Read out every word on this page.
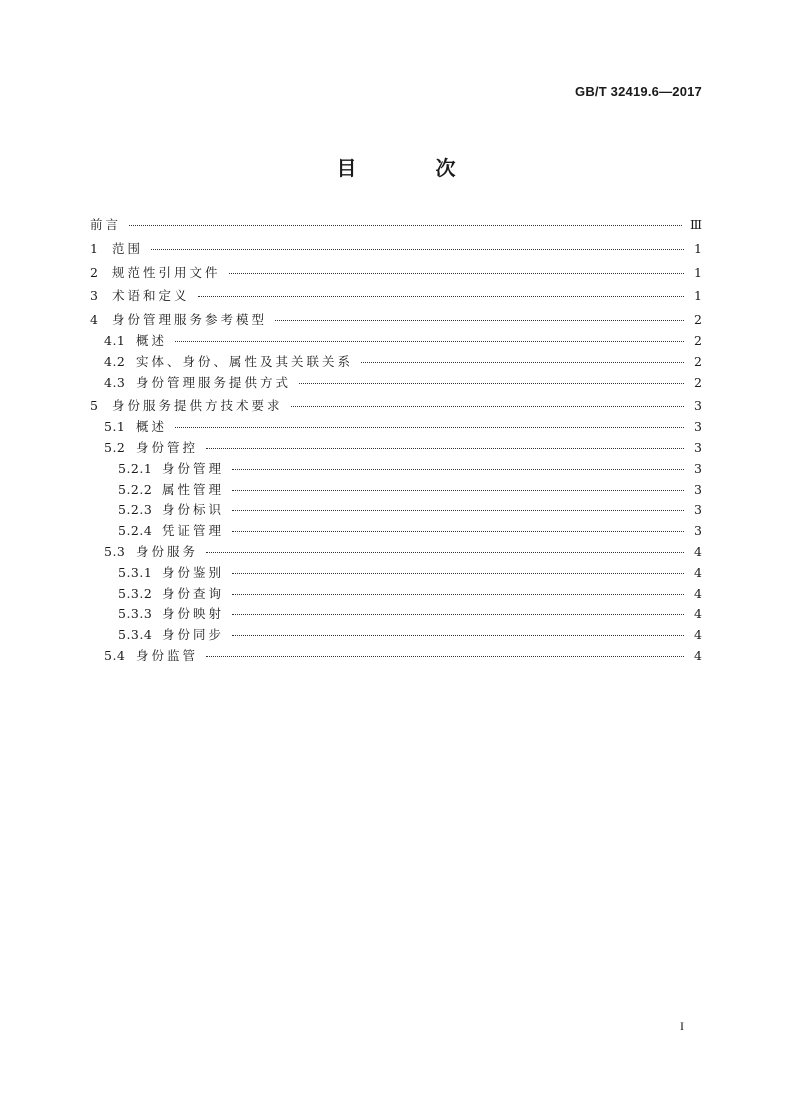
GB/T 32419.6—2017
目 次
前言	Ⅲ
1	范围	1
2	规范性引用文件	1
3	术语和定义	1
4	身份管理服务参考模型	2
4.1 概述	2
4.2 实体、身份、属性及其关联关系	2
4.3 身份管理服务提供方式	2
5	身份服务提供方技术要求	3
5.1 概述	3
5.2 身份管控	3
5.2.1 身份管理	3
5.2.2 属性管理	3
5.2.3 身份标识	3
5.2.4 凭证管理	3
5.3 身份服务	4
5.3.1 身份鉴别	4
5.3.2 身份查询	4
5.3.3 身份映射	4
5.3.4 身份同步	4
5.4 身份监管	4
I
